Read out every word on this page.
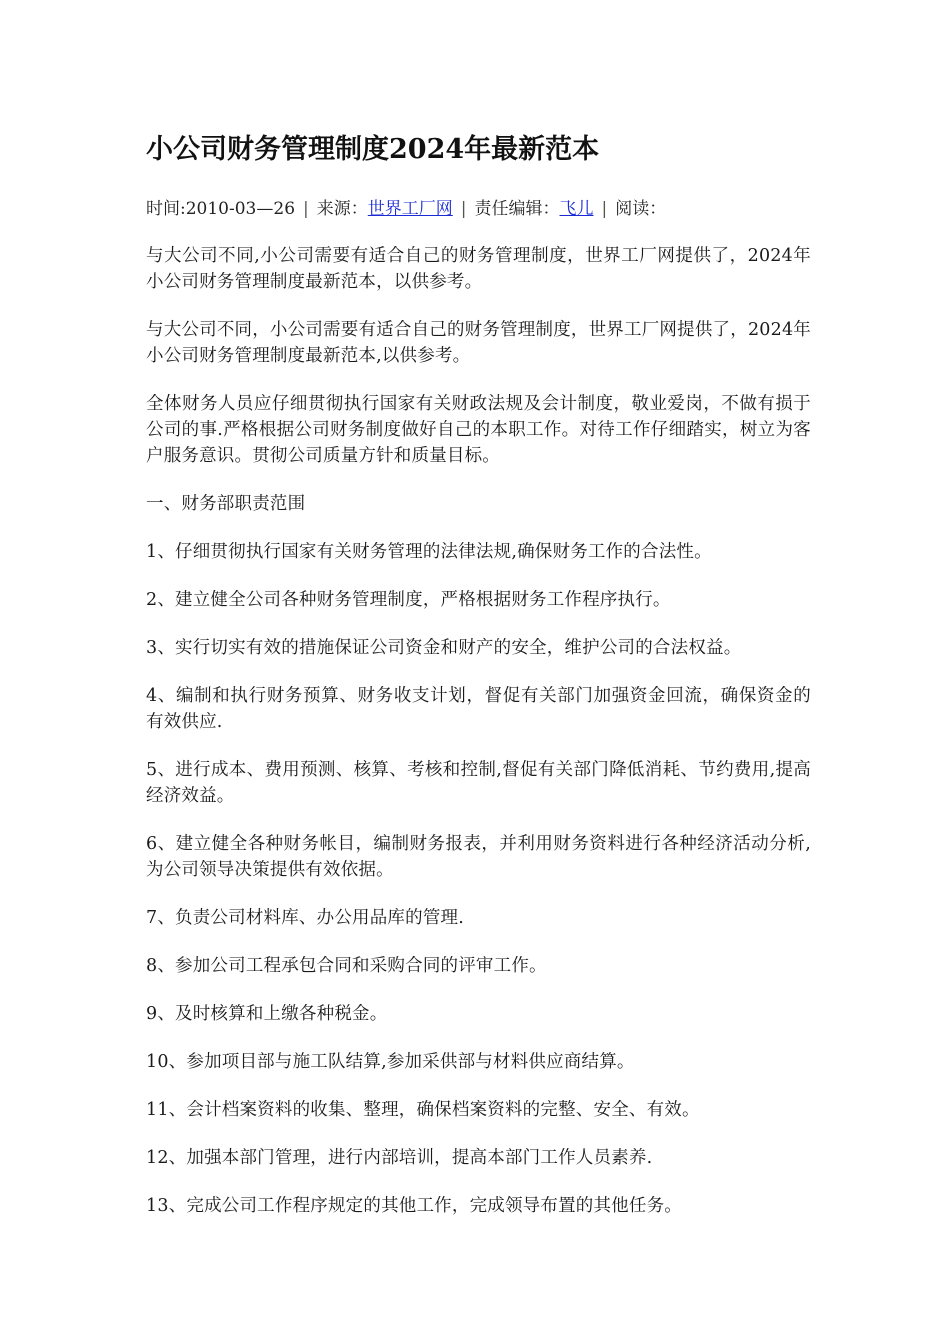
小公司财务管理制度2024年最新范本
时间:2010-03—26 | 来源：世界工厂网 | 责任编辑：飞儿 | 阅读：

与大公司不同,小公司需要有适合自己的财务管理制度，世界工厂网提供了，2024年小公司财务管理制度最新范本，以供参考。

与大公司不同，小公司需要有适合自己的财务管理制度，世界工厂网提供了，2024年小公司财务管理制度最新范本,以供参考。

全体财务人员应仔细贯彻执行国家有关财政法规及会计制度，敬业爱岗，不做有损于公司的事.严格根据公司财务制度做好自己的本职工作。对待工作仔细踏实，树立为客户服务意识。贯彻公司质量方针和质量目标。

一、财务部职责范围

1、仔细贯彻执行国家有关财务管理的法律法规,确保财务工作的合法性。

2、建立健全公司各种财务管理制度，严格根据财务工作程序执行。

3、实行切实有效的措施保证公司资金和财产的安全，维护公司的合法权益。

4、编制和执行财务预算、财务收支计划，督促有关部门加强资金回流，确保资金的有效供应.

5、进行成本、费用预测、核算、考核和控制,督促有关部门降低消耗、节约费用,提高经济效益。

6、建立健全各种财务帐目，编制财务报表，并利用财务资料进行各种经济活动分析,为公司领导决策提供有效依据。

7、负责公司材料库、办公用品库的管理.

8、参加公司工程承包合同和采购合同的评审工作。

9、及时核算和上缴各种税金。

10、参加项目部与施工队结算,参加采供部与材料供应商结算。

11、会计档案资料的收集、整理，确保档案资料的完整、安全、有效。

12、加强本部门管理，进行内部培训，提高本部门工作人员素养.

13、完成公司工作程序规定的其他工作，完成领导布置的其他任务。
